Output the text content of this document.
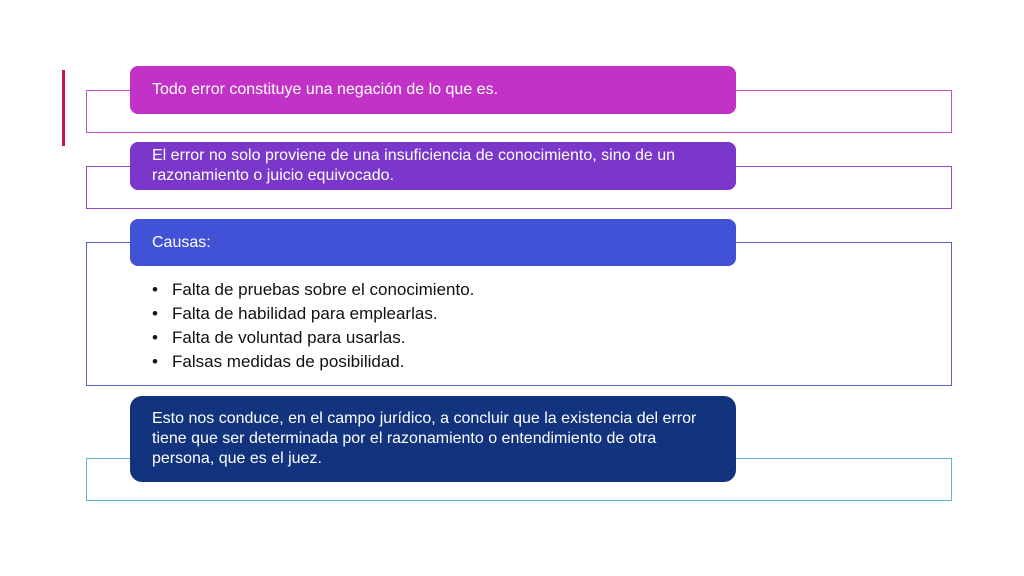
Todo error constituye una negación de lo que es.
El error no solo proviene de una insuficiencia de conocimiento, sino de un razonamiento o juicio equivocado.
Causas:
• Falta de pruebas sobre el conocimiento.
• Falta de habilidad para emplearlas.
• Falta de voluntad para usarlas.
• Falsas medidas de posibilidad.
Esto nos conduce, en el campo jurídico, a concluir que la existencia del error tiene que ser determinada por el razonamiento o entendimiento de otra persona, que es el juez.
